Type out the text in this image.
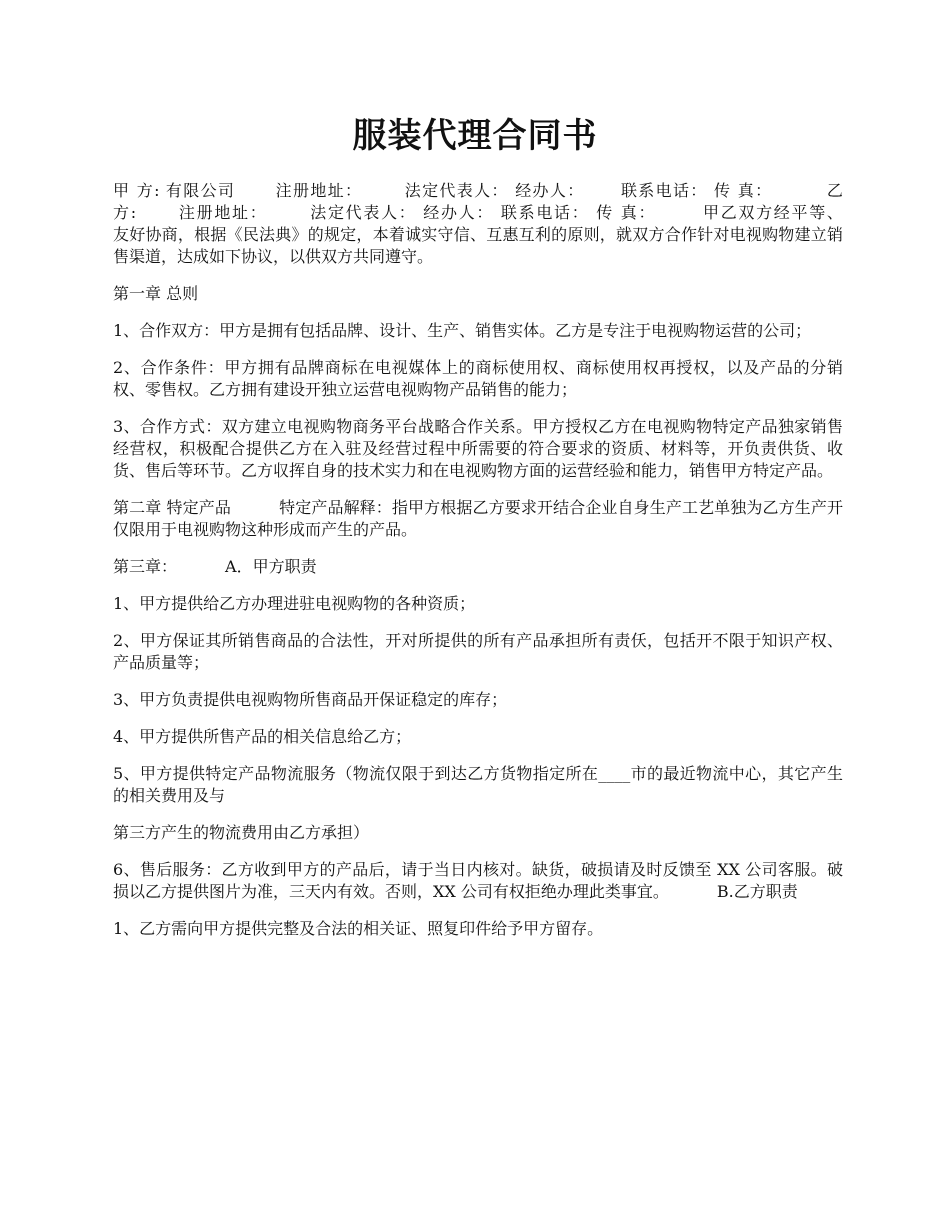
服装代理合同书

甲 方: 有限公司	注册地址：	法定代表人： 经办人： 联系电话： 传 真：	乙
方:	注册地址：	法定代表人： 经办人： 联系电话： 传 真：	甲乙双方经平等、
友好协商，根据《民法典》的规定，本着诚实守信、互惠互利的原则，就双方合作针对电视购物建立销售渠道，达成如下协议，以供双方共同遵守。

第一章 总则

1、合作双方：甲方是拥有包括品牌、设计、生产、销售实体。乙方是专注于电视购物运营的公司；

2、合作条件：甲方拥有品牌商标在电视媒体上的商标使用权、商标使用权再授权，以及产品的分销权、零售权。乙方拥有建设开独立运营电视购物产品销售的能力；

3、合作方式：双方建立电视购物商务平台战略合作关系。甲方授权乙方在电视购物特定产品独家销售经营权，积极配合提供乙方在入驻及经营过程中所需要的符合要求的资质、材料等，开负责供货、收货、售后等环节。乙方収挥自身的技术实力和在电视购物方面的运营经验和能力，销售甲方特定产品。

第二章 特定产品	特定产品解释：指甲方根据乙方要求开结合企业自身生产工艺单独为乙方生产开仅限用于电视购物这种形成而产生的产品。

第三章：	A．甲方职责

1、甲方提供给乙方办理进驻电视购物的各种资质；

2、甲方保证其所销售商品的合法性，开对所提供的所有产品承担所有责仸，包括开不限于知识产权、产品质量等；

3、甲方负责提供电视购物所售商品开保证稳定的库存；

4、甲方提供所售产品的相关信息给乙方；

5、甲方提供特定产品物流服务（物流仅限于到达乙方货物指定所在____市的最近物流中心，其它产生的相关费用及与

第三方产生的物流费用由乙方承担）

6、售后服务：乙方收到甲方的产品后，请于当日内核对。缺货，破损请及时反馈至 XX 公司客服。破损以乙方提供图片为准，三天内有效。否则，XX 公司有权拒绝办理此类事宜。	B.乙方职责

1、乙方需向甲方提供完整及合法的相关证、照复印件给予甲方留存。
